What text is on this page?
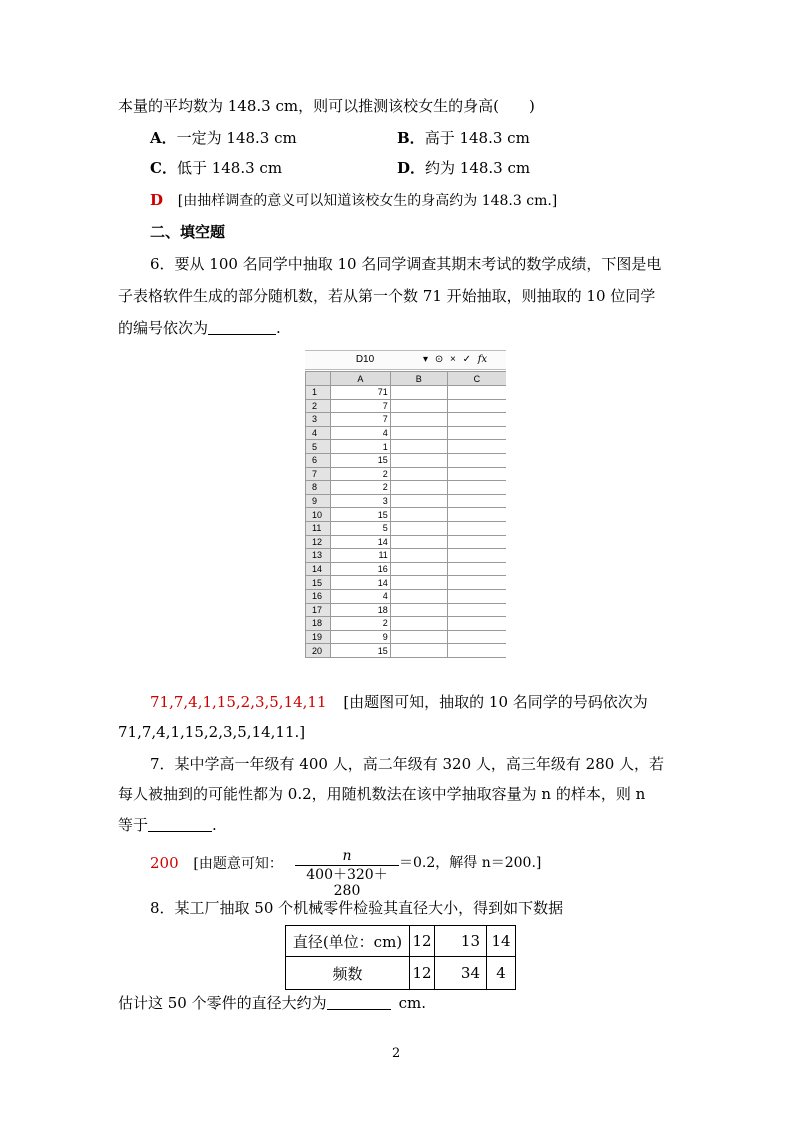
本量的平均数为 148.3 cm，则可以推测该校女生的身高(　　)
A．一定为 148.3 cm	B．高于 148.3 cm
C．低于 148.3 cm	D．约为 148.3 cm
D [由抽样调查的意义可以知道该校女生的身高约为 148.3 cm.]
二、填空题
6．要从 100 名同学中抽取 10 名同学调查其期末考试的数学成绩，下图是电
子表格软件生成的部分随机数，若从第一个数 71 开始抽取，则抽取的 10 位同学
的编号依次为	.
D10	▾ ⊙ × ✓ fx
	A	B	C
1	71		
2	7		
3	7		
4	4		
5	1		
6	15		
7	2		
8	2		
9	3		
10	15		
11	5		
12	14		
13	11		
14	16		
15	14		
16	4		
17	18		
18	2		
19	9		
20	15		
71,7,4,1,15,2,3,5,14,11 [由题图可知，抽取的 10 名同学的号码依次为
71,7,4,1,15,2,3,5,14,11.]
7．某中学高一年级有 400 人，高二年级有 320 人，高三年级有 280 人，若
每人被抽到的可能性都为 0.2，用随机数法在该中学抽取容量为 n 的样本，则 n
等于	.
200 [由题意可知：	n
400＋320＋280
＝0.2，解得 n＝200.]
8．某工厂抽取 50 个机械零件检验其直径大小，得到如下数据
直径(单位：cm)	12	13	14
频数	12	34	4
估计这 50 个零件的直径大约为	cm.
2
